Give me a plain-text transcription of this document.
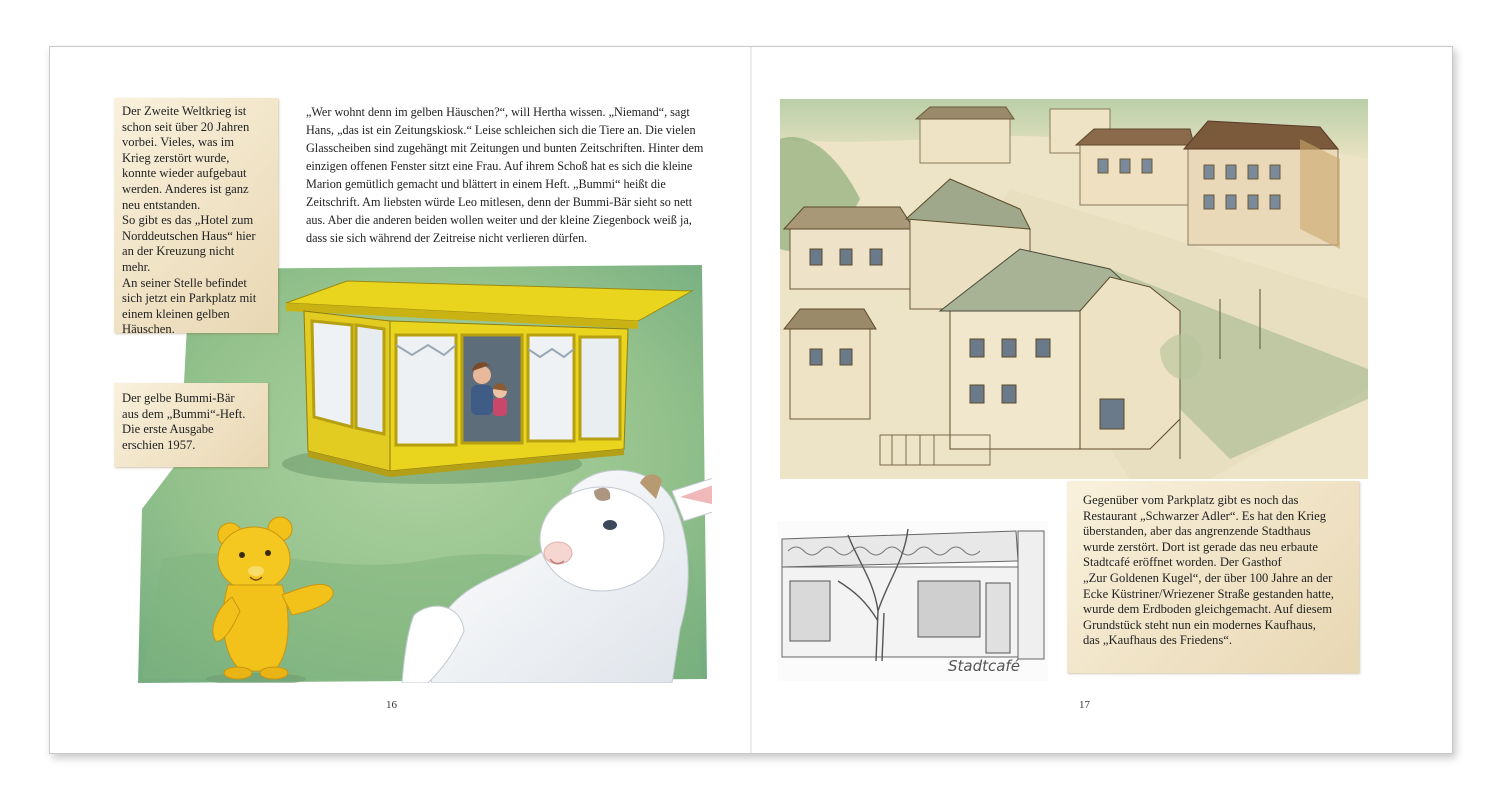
Der Zweite Weltkrieg ist
schon seit über 20 Jahren
vorbei. Vieles, was im
Krieg zerstört wurde,
konnte wieder aufgebaut
werden. Anderes ist ganz
neu entstanden.
So gibt es das „Hotel zum
Norddeutschen Haus“ hier
an der Kreuzung nicht
mehr.
An seiner Stelle befindet
sich jetzt ein Parkplatz mit
einem kleinen gelben
Häuschen.

Der gelbe Bummi-Bär
aus dem „Bummi“-Heft.
Die erste Ausgabe
erschien 1957.

„Wer wohnt denn im gelben Häuschen?“, will Hertha wissen. „Niemand“, sagt Hans, „das ist ein Zeitungskiosk.“ Leise schleichen sich die Tiere an. Die vielen Glasscheiben sind zugehängt mit Zeitungen und bunten Zeitschriften. Hinter dem einzigen offenen Fenster sitzt eine Frau. Auf ihrem Schoß hat es sich die kleine Marion gemütlich gemacht und blättert in einem Heft. „Bummi“ heißt die Zeitschrift. Am liebsten würde Leo mitlesen, denn der Bummi-Bär sieht so nett aus. Aber die anderen beiden wollen weiter und der kleine Ziegenbock weiß ja, dass sie sich während der Zeitreise nicht verlieren dürfen.

16
Stadtcafé

Gegenüber vom Parkplatz gibt es noch das
Restaurant „Schwarzer Adler“. Es hat den Krieg
überstanden, aber das angrenzende Stadthaus
wurde zerstört. Dort ist gerade das neu erbaute
Stadtcafé eröffnet worden. Der Gasthof
„Zur Goldenen Kugel“, der über 100 Jahre an der
Ecke Küstriner/Wriezener Straße gestanden hatte,
wurde dem Erdboden gleichgemacht. Auf diesem
Grundstück steht nun ein modernes Kaufhaus,
das „Kaufhaus des Friedens“.

17
